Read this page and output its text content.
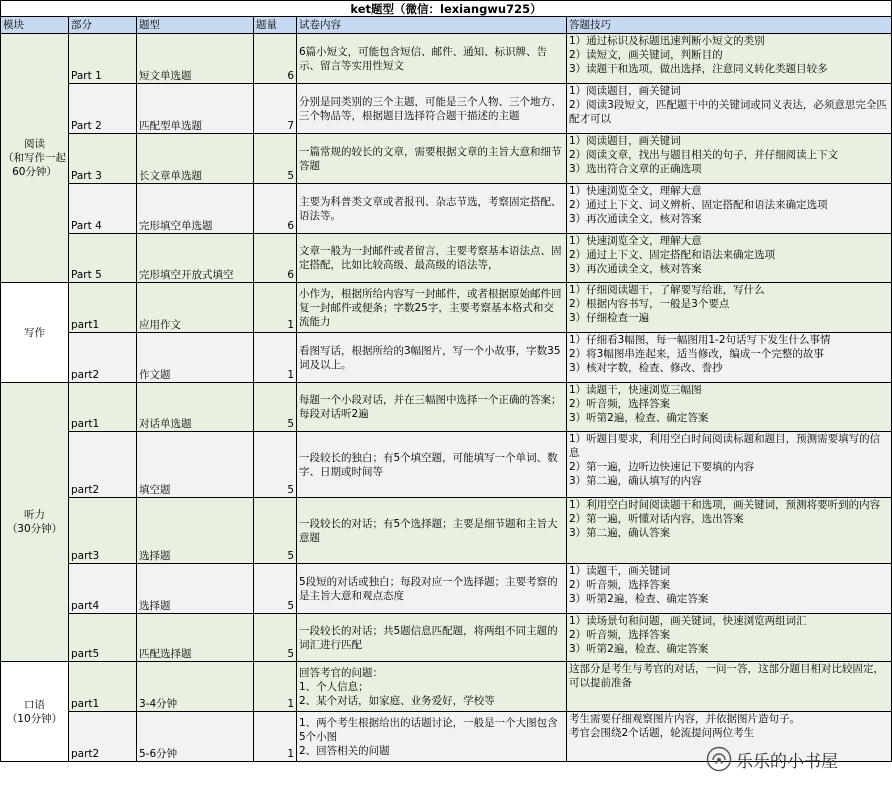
ket题型（微信：lexiangwu725）					
模块	部分	题型	题量	试卷内容	答题技巧
阅读
（和写作一起60分钟）	Part 1	短文单选题	6	6篇小短文，可能包含短信、邮件、通知、标识牌、告示、留言等实用性短文	1）通过标识及标题迅速判断小短文的类别
2）读短文，画关键词，判断目的
3）读题干和选项，做出选择，注意同义转化类题目较多

	Part 2	匹配型单选题	7	分别是同类别的三个主题，可能是三个人物、三个地方、三个物品等，根据题目选择符合题干描述的主题	1）阅读题目，画关键词
2）阅读3段短文，匹配题干中的关键词或同义表达，必须意思完全匹配才可以

	Part 3	长文章单选题	5	一篇常规的较长的文章，需要根据文章的主旨大意和细节答题	1）阅读题目，画关键词
2）阅读文章，找出与题目相关的句子，并仔细阅读上下文
3）选出符合文章的正确选项

	Part 4	完形填空单选题	6	主要为科普类文章或者报刊、杂志节选，考察固定搭配、语法等。	1）快速浏览全文，理解大意
2）通过上下文、词义辨析、固定搭配和语法来确定选项
3）再次通读全文，核对答案

	Part 5	完形填空开放式填空	6	文章一般为一封邮件或者留言，主要考察基本语法点、固定搭配，比如比较高级、最高级的语法等，	1）快速浏览全文，理解大意
2）通过上下文、固定搭配和语法来确定选项
3）再次通读全文，核对答案

写作	part1	应用作文	1	小作为，根据所给内容写一封邮件，或者根据原始邮件回复一封邮件或便条；字数25字，主要考察基本格式和交流能力	1）仔细阅读题干，了解要写给谁，写什么
2）根据内容书写，一般是3个要点
3）仔细检查一遍

	part2	作文题	1	看图写话，根据所给的3幅图片，写一个小故事，字数35词及以上。	1）仔细看3幅图，每一幅图用1-2句话写下发生什么事情
2）将3幅图串连起来，适当修改，编成一个完整的故事
3）核对字数，检查、修改、誊抄

听力
（30分钟）	part1	对话单选题	5	每题一个小段对话，并在三幅图中选择一个正确的答案；每段对话听2遍	1）读题干，快速浏览三幅图
2）听音频，选择答案
3）听第2遍，检查、确定答案

	part2	填空题	5	一段较长的独白；有5个填空题，可能填写一个单词、数字、日期或时间等	1）听题目要求，利用空白时间阅读标题和题目，预测需要填写的信息
2）第一遍，边听边快速记下要填的内容
3）第二遍，确认填写的内容

	part3	选择题	5	一段较长的对话；有5个选择题；主要是细节题和主旨大意题	1）利用空白时间阅读题干和选项，画关键词，预测将要听到的内容
2）第一遍，听懂对话内容，选出答案
3）第二遍，确认答案

	part4	选择题	5	5段短的对话或独白；每段对应一个选择题；主要考察的是主旨大意和观点态度	1）读题干，画关键词
2）听音频，选择答案
3）听第2遍，检查、确定答案

	part5	匹配选择题	5	一段较长的对话；共5题信息匹配题，将两组不同主题的词汇进行匹配	1）读场景句和问题，画关键词，快速浏览两组词汇
2）听音频，选择答案
3）听第2遍，检查、确定答案

口语
（10分钟）	part1	3-4分钟	1	回答考官的问题：
1、个人信息；
2、某个对话，如家庭、业务爱好，学校等	这部分是考生与考官的对话，一问一答，这部分题目相对比较固定，可以提前准备

	part2	5-6分钟	1	1、两个考生根据给出的话题讨论，一般是一个大图包含5个小图
2、回答相关的问题	考生需要仔细观察图片内容，并依据图片造句子。
考官会围绕2个话题，轮流提问两位考生
乐乐的小书屋
